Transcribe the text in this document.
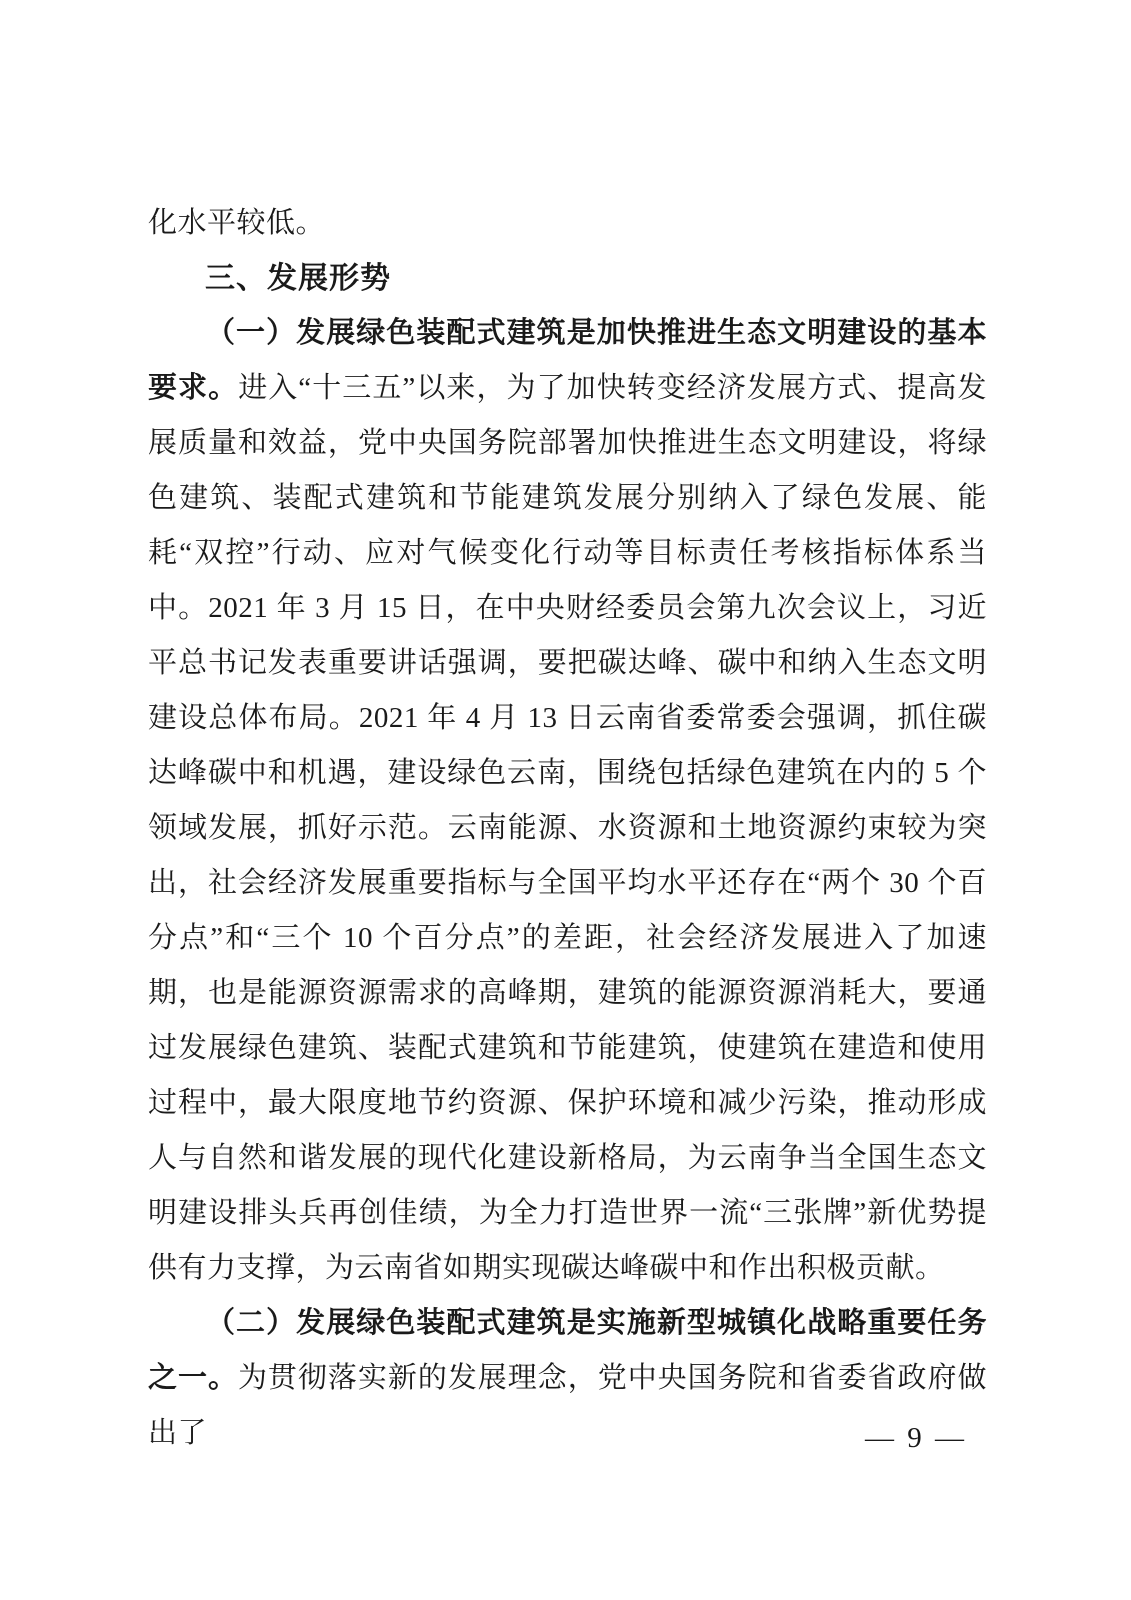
化水平较低。

三、发展形势

（一）发展绿色装配式建筑是加快推进生态文明建设的基本要求。进入“十三五”以来，为了加快转变经济发展方式、提高发展质量和效益，党中央国务院部署加快推进生态文明建设，将绿色建筑、装配式建筑和节能建筑发展分别纳入了绿色发展、能耗“双控”行动、应对气候变化行动等目标责任考核指标体系当中。2021 年 3 月 15 日，在中央财经委员会第九次会议上，习近平总书记发表重要讲话强调，要把碳达峰、碳中和纳入生态文明建设总体布局。2021 年 4 月 13 日云南省委常委会强调，抓住碳达峰碳中和机遇，建设绿色云南，围绕包括绿色建筑在内的 5 个领域发展，抓好示范。云南能源、水资源和土地资源约束较为突出，社会经济发展重要指标与全国平均水平还存在“两个 30 个百分点”和“三个 10 个百分点”的差距，社会经济发展进入了加速期，也是能源资源需求的高峰期，建筑的能源资源消耗大，要通过发展绿色建筑、装配式建筑和节能建筑，使建筑在建造和使用过程中，最大限度地节约资源、保护环境和减少污染，推动形成人与自然和谐发展的现代化建设新格局，为云南争当全国生态文明建设排头兵再创佳绩，为全力打造世界一流“三张牌”新优势提供有力支撑，为云南省如期实现碳达峰碳中和作出积极贡献。

（二）发展绿色装配式建筑是实施新型城镇化战略重要任务之一。为贯彻落实新的发展理念，党中央国务院和省委省政府做出了	— 9 —
